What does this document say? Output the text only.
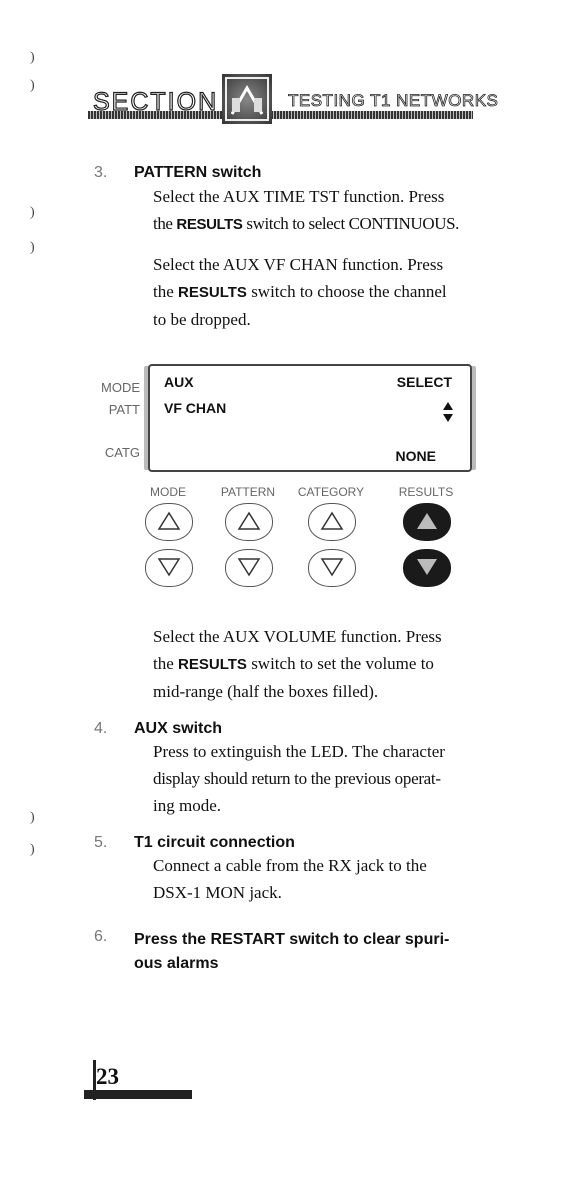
)
)
)
)
)
)
SECTION	TESTING T1 NETWORKS
3.	PATTERN switch
Select the AUX TIME TST function. Press
the RESULTS switch to select CONTINUOUS.
Select the AUX VF CHAN function. Press
the RESULTS switch to choose the channel
to be dropped.
MODE
PATT
CATG
AUX	SELECT
VF CHAN
NONE
MODE	PATTERN	CATEGORY	RESULTS
Select the AUX VOLUME function. Press
the RESULTS switch to set the volume to
mid-range (half the boxes filled).
4.	AUX switch
Press to extinguish the LED. The character
display should return to the previous operat-
ing mode.
5.	T1 circuit connection
Connect a cable from the RX jack to the
DSX-1 MON jack.
6.	Press the RESTART switch to clear spuri-
ous alarms
23
